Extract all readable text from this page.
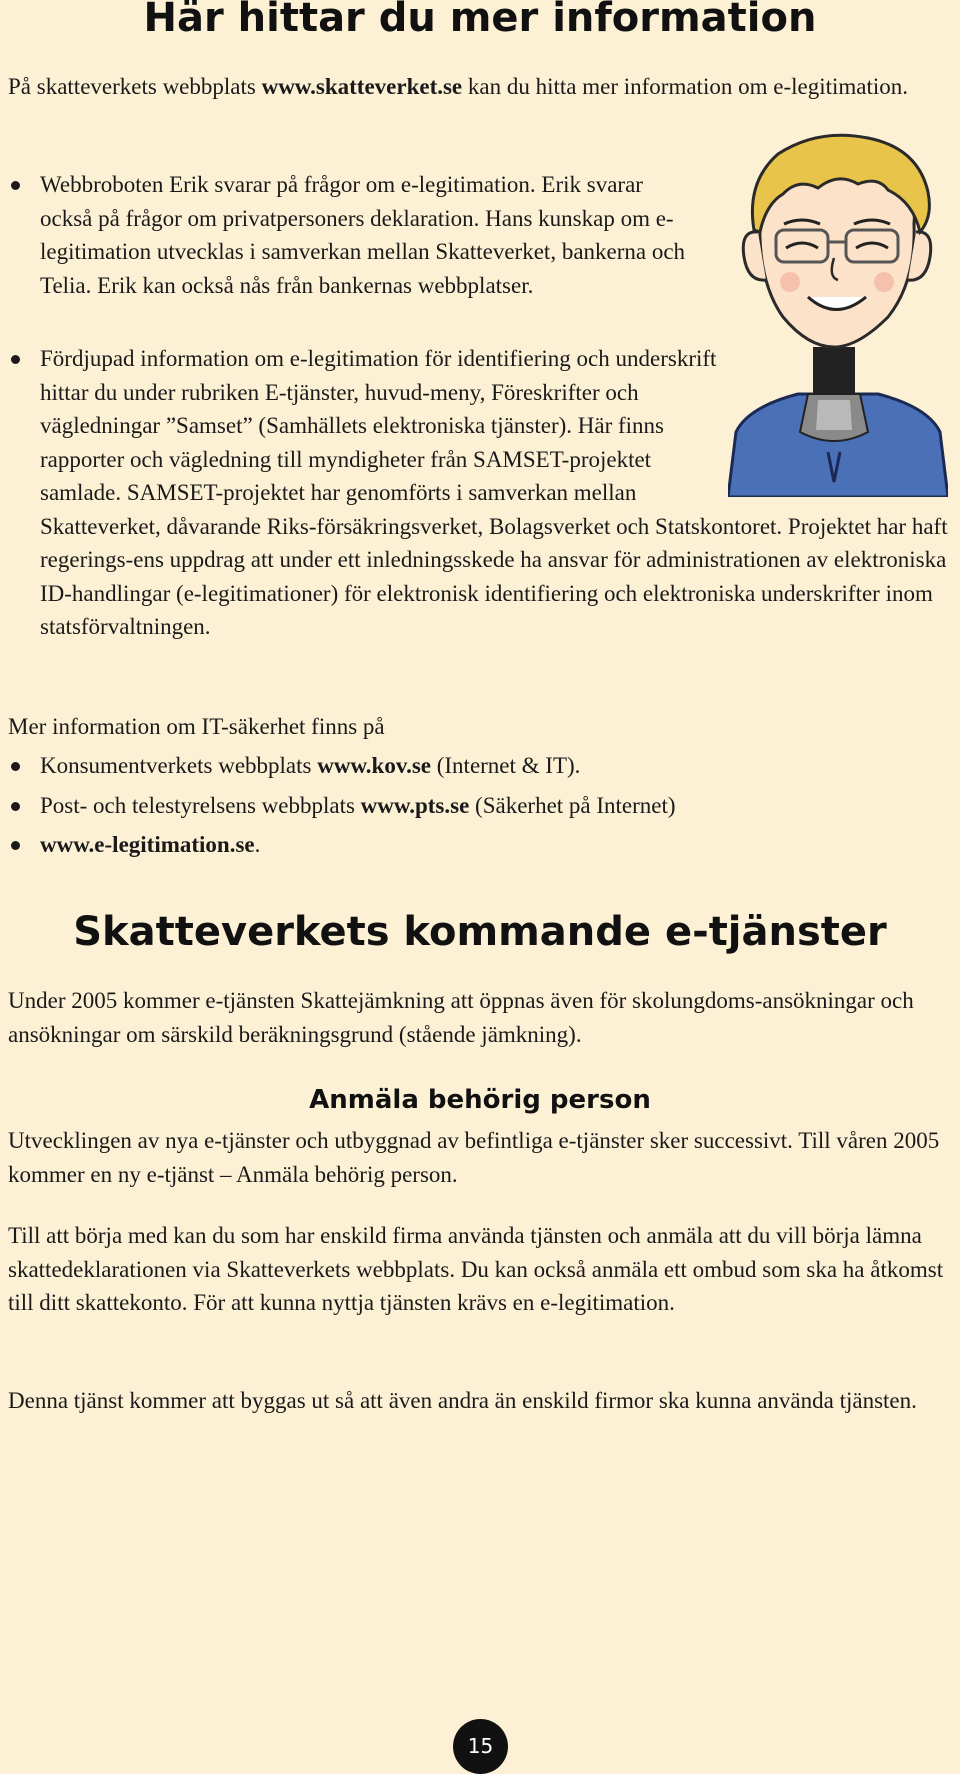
Här hittar du mer information

På skatteverkets webbplats www.skatteverket.se kan du hitta mer information om e-legitimation.

Webbroboten Erik svarar på frågor om e-legitimation. Erik svarar också på frågor om privatpersoners deklaration. Hans kunskap om e-legitimation utvecklas i samverkan mellan Skatteverket, bankerna och Telia. Erik kan också nås från bankernas webbplatser.
Fördjupad information om e-legitimation för identifiering och underskrift hittar du under rubriken E-tjänster, huvud-meny, Föreskrifter och vägledningar ”Samset” (Samhällets elektroniska tjänster). Här finns rapporter och vägledning till myndigheter från SAMSET-projektet samlade. SAMSET-projektet har genomförts i samverkan mellan Skatteverket, dåvarande Riks-försäkringsverket, Bolagsverket och Statskontoret. Projektet har haft regerings-ens uppdrag att under ett inledningsskede ha ansvar för administrationen av elektroniska ID-handlingar (e-legitimationer) för elektronisk identifiering och elektroniska underskrifter inom statsförvaltningen.

Mer information om IT-säkerhet finns på

Konsumentverkets webbplats www.kov.se (Internet & IT).
Post- och telestyrelsens webbplats www.pts.se (Säkerhet på Internet)
www.e-legitimation.se.
Skatteverkets kommande e-tjänster

Under 2005 kommer e-tjänsten Skattejämkning att öppnas även för skolungdoms-ansökningar och ansökningar om särskild beräkningsgrund (stående jämkning).

Anmäla behörig person

Utvecklingen av nya e-tjänster och utbyggnad av befintliga e-tjänster sker successivt. Till våren 2005 kommer en ny e-tjänst – Anmäla behörig person.

Till att börja med kan du som har enskild firma använda tjänsten och anmäla att du vill börja lämna skattedeklarationen via Skatteverkets webbplats. Du kan också anmäla ett ombud som ska ha åtkomst till ditt skattekonto. För att kunna nyttja tjänsten krävs en e-legitimation.

Denna tjänst kommer att byggas ut så att även andra än enskild firmor ska kunna använda tjänsten.

15
